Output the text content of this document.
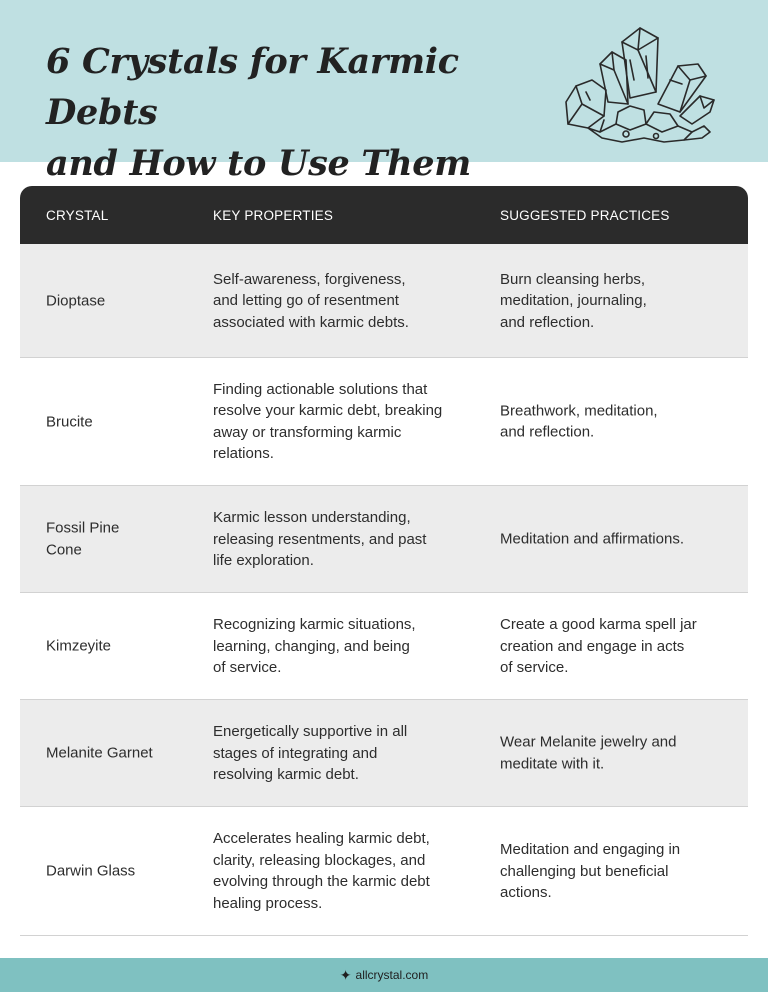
6 Crystals for Karmic Debts
and How to Use Them
CRYSTAL	KEY PROPERTIES	SUGGESTED PRACTICES
Dioptase
Self-awareness, forgiveness,
and letting go of resentment
associated with karmic debts.
Burn cleansing herbs,
meditation, journaling,
and reflection.
Brucite
Finding actionable solutions that
resolve your karmic debt, breaking
away or transforming karmic
relations.
Breathwork, meditation,
and reflection.
Fossil Pine
Cone
Karmic lesson understanding,
releasing resentments, and past
life exploration.
Meditation and affirmations.
Kimzeyite
Recognizing karmic situations,
learning, changing, and being
of service.
Create a good karma spell jar
creation and engage in acts
of service.
Melanite Garnet
Energetically supportive in all
stages of integrating and
resolving karmic debt.
Wear Melanite jewelry and
meditate with it.
Darwin Glass
Accelerates healing karmic debt,
clarity, releasing blockages, and
evolving through the karmic debt
healing process.
Meditation and engaging in
challenging but beneficial
actions.
✦ allcrystal.com
